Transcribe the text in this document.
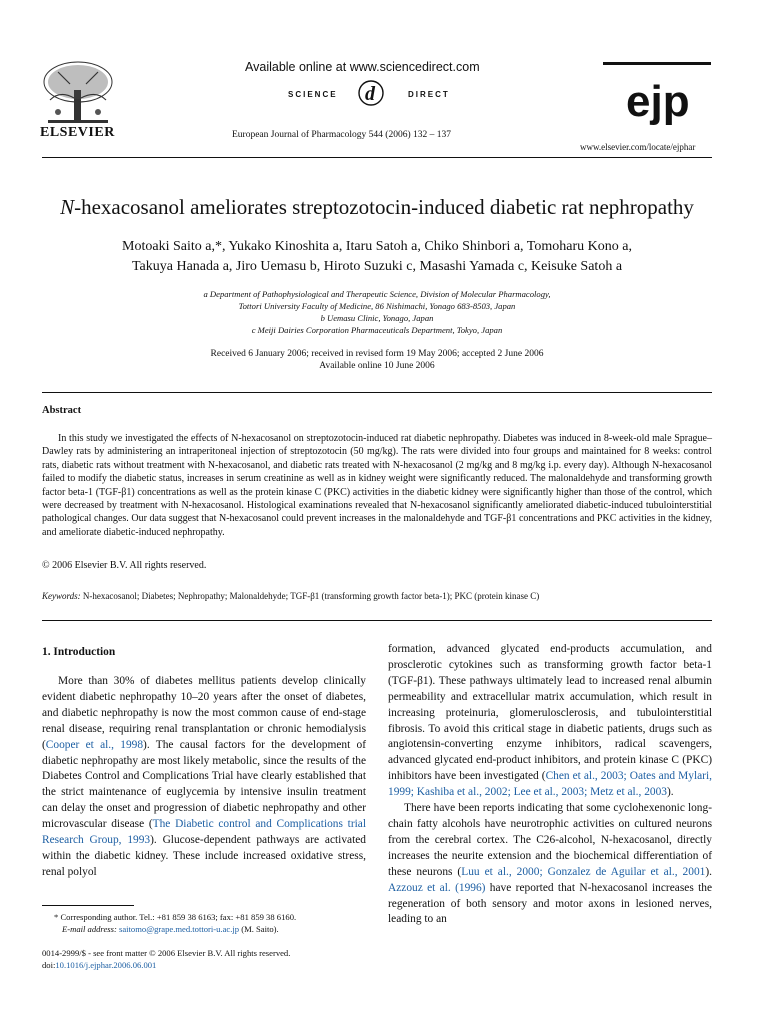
ELSEVIER
Available online at www.sciencedirect.com
SCIENCE d	DIRECT
European Journal of Pharmacology 544 (2006) 132 – 137
ejp
www.elsevier.com/locate/ejphar
N-hexacosanol ameliorates streptozotocin-induced diabetic rat nephropathy
Motoaki Saito a,*, Yukako Kinoshita a, Itaru Satoh a, Chiko Shinbori a, Tomoharu Kono a,
Takuya Hanada a, Jiro Uemasu b, Hiroto Suzuki c, Masashi Yamada c, Keisuke Satoh a
a Department of Pathophysiological and Therapeutic Science, Division of Molecular Pharmacology,
Tottori University Faculty of Medicine, 86 Nishimachi, Yonago 683-8503, Japan
b Uemasu Clinic, Yonago, Japan
c Meiji Dairies Corporation Pharmaceuticals Department, Tokyo, Japan
Received 6 January 2006; received in revised form 19 May 2006; accepted 2 June 2006
Available online 10 June 2006
Abstract
In this study we investigated the effects of N-hexacosanol on streptozotocin-induced rat diabetic nephropathy. Diabetes was induced in 8-week-old male Sprague–Dawley rats by administering an intraperitoneal injection of streptozotocin (50 mg/kg). The rats were divided into four groups and maintained for 8 weeks: control rats, diabetic rats without treatment with N-hexacosanol, and diabetic rats treated with N-hexacosanol (2 mg/kg and 8 mg/kg i.p. every day). Although N-hexacosanol failed to modify the diabetic status, increases in serum creatinine as well as in kidney weight were significantly reduced. The malonaldehyde and transforming growth factor beta-1 (TGF-β1) concentrations as well as the protein kinase C (PKC) activities in the diabetic kidney were significantly higher than those of the control, which were decreased by treatment with N-hexacosanol. Histological examinations revealed that N-hexacosanol significantly ameliorated diabetic-induced tubulointerstitial pathological changes. Our data suggest that N-hexacosanol could prevent increases in the malonaldehyde and TGF-β1 concentrations and PKC activities in the kidney, and ameliorate diabetic-induced nephropathy.
© 2006 Elsevier B.V. All rights reserved.
Keywords: N-hexacosanol; Diabetes; Nephropathy; Malonaldehyde; TGF-β1 (transforming growth factor beta-1); PKC (protein kinase C)
1. Introduction

More than 30% of diabetes mellitus patients develop clinically evident diabetic nephropathy 10–20 years after the onset of diabetes, and diabetic nephropathy is now the most common cause of end-stage renal disease, requiring renal transplantation or chronic hemodialysis (Cooper et al., 1998). The causal factors for the development of diabetic nephropathy are most likely metabolic, since the results of the Diabetes Control and Complications Trial have clearly established that the strict maintenance of euglycemia by intensive insulin treatment can delay the onset and progression of diabetic nephropathy and other microvascular disease (The Diabetic control and Complications trial Research Group, 1993). Glucose-dependent pathways are activated within the diabetic kidney. These include increased oxidative stress, renal polyol

formation, advanced glycated end-products accumulation, and prosclerotic cytokines such as transforming growth factor beta-1 (TGF-β1). These pathways ultimately lead to increased renal albumin permeability and extracellular matrix accumulation, which result in increasing proteinuria, glomerulosclerosis, and tubulointerstitial fibrosis. To avoid this critical stage in diabetic patients, drugs such as angiotensin-converting enzyme inhibitors, radical scavengers, advanced glycated end-product inhibitors, and protein kinase C (PKC) inhibitors have been investigated (Chen et al., 2003; Oates and Mylari, 1999; Kashiba et al., 2002; Lee et al., 2003; Metz et al., 2003).

There have been reports indicating that some cyclohexenonic long-chain fatty alcohols have neurotrophic activities on cultured neurons from the cerebral cortex. The C26-alcohol, N-hexacosanol, directly increases the neurite extension and the biochemical differentiation of these neurons (Luu et al., 2000; Gonzalez de Aguilar et al., 2001). Azzouz et al. (1996) have reported that N-hexacosanol increases the regeneration of both sensory and motor axons in lesioned nerves, leading to an

* Corresponding author. Tel.: +81 859 38 6163; fax: +81 859 38 6160.
E-mail address: saitomo@grape.med.tottori-u.ac.jp (M. Saito).
0014-2999/$ - see front matter © 2006 Elsevier B.V. All rights reserved.
doi:10.1016/j.ejphar.2006.06.001
